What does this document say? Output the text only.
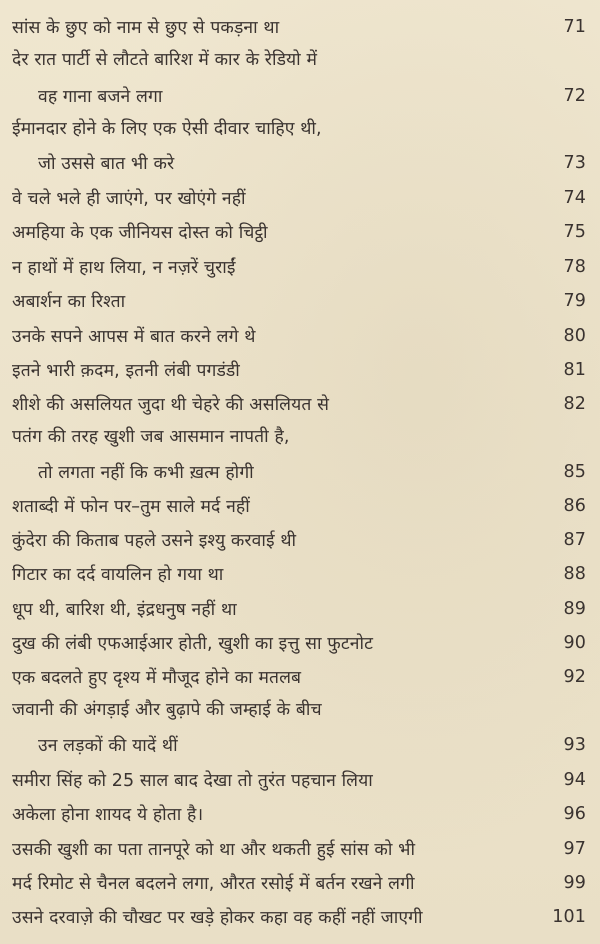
सांस के छुए को नाम से छुए से पकड़ना था	71
देर रात पार्टी से लौटते बारिश में कार के रेडियो में
वह गाना बजने लगा	72
ईमानदार होने के लिए एक ऐसी दीवार चाहिए थी,
जो उससे बात भी करे	73
वे चले भले ही जाएंगे, पर खोएंगे नहीं	74
अमहिया के एक जीनियस दोस्त को चिट्ठी	75
न हाथों में हाथ लिया, न नज़रें चुराईं	78
अबार्शन का रिश्ता	79
उनके सपने आपस में बात करने लगे थे	80
इतने भारी क़दम, इतनी लंबी पगडंडी	81
शीशे की असलियत जुदा थी चेहरे की असलियत से	82
पतंग की तरह खुशी जब आसमान नापती है,
तो लगता नहीं कि कभी ख़त्म होगी	85
शताब्दी में फोन पर–तुम साले मर्द नहीं	86
कुंदेरा की किताब पहले उसने इश्यु करवाई थी	87
गिटार का दर्द वायलिन हो गया था	88
धूप थी, बारिश थी, इंद्रधनुष नहीं था	89
दुख की लंबी एफआईआर होती, खुशी का इत्तु सा फुटनोट	90
एक बदलते हुए दृश्य में मौजूद होने का मतलब	92
जवानी की अंगड़ाई और बुढ़ापे की जम्हाई के बीच
उन लड़कों की यादें थीं	93
समीरा सिंह को 25 साल बाद देखा तो तुरंत पहचान लिया	94
अकेला होना शायद ये होता है।	96
उसकी खुशी का पता तानपूरे को था और थकती हुई सांस को भी	97
मर्द रिमोट से चैनल बदलने लगा, औरत रसोई में बर्तन रखने लगी	99
उसने दरवाज़े की चौखट पर खड़े होकर कहा वह कहीं नहीं जाएगी	101
